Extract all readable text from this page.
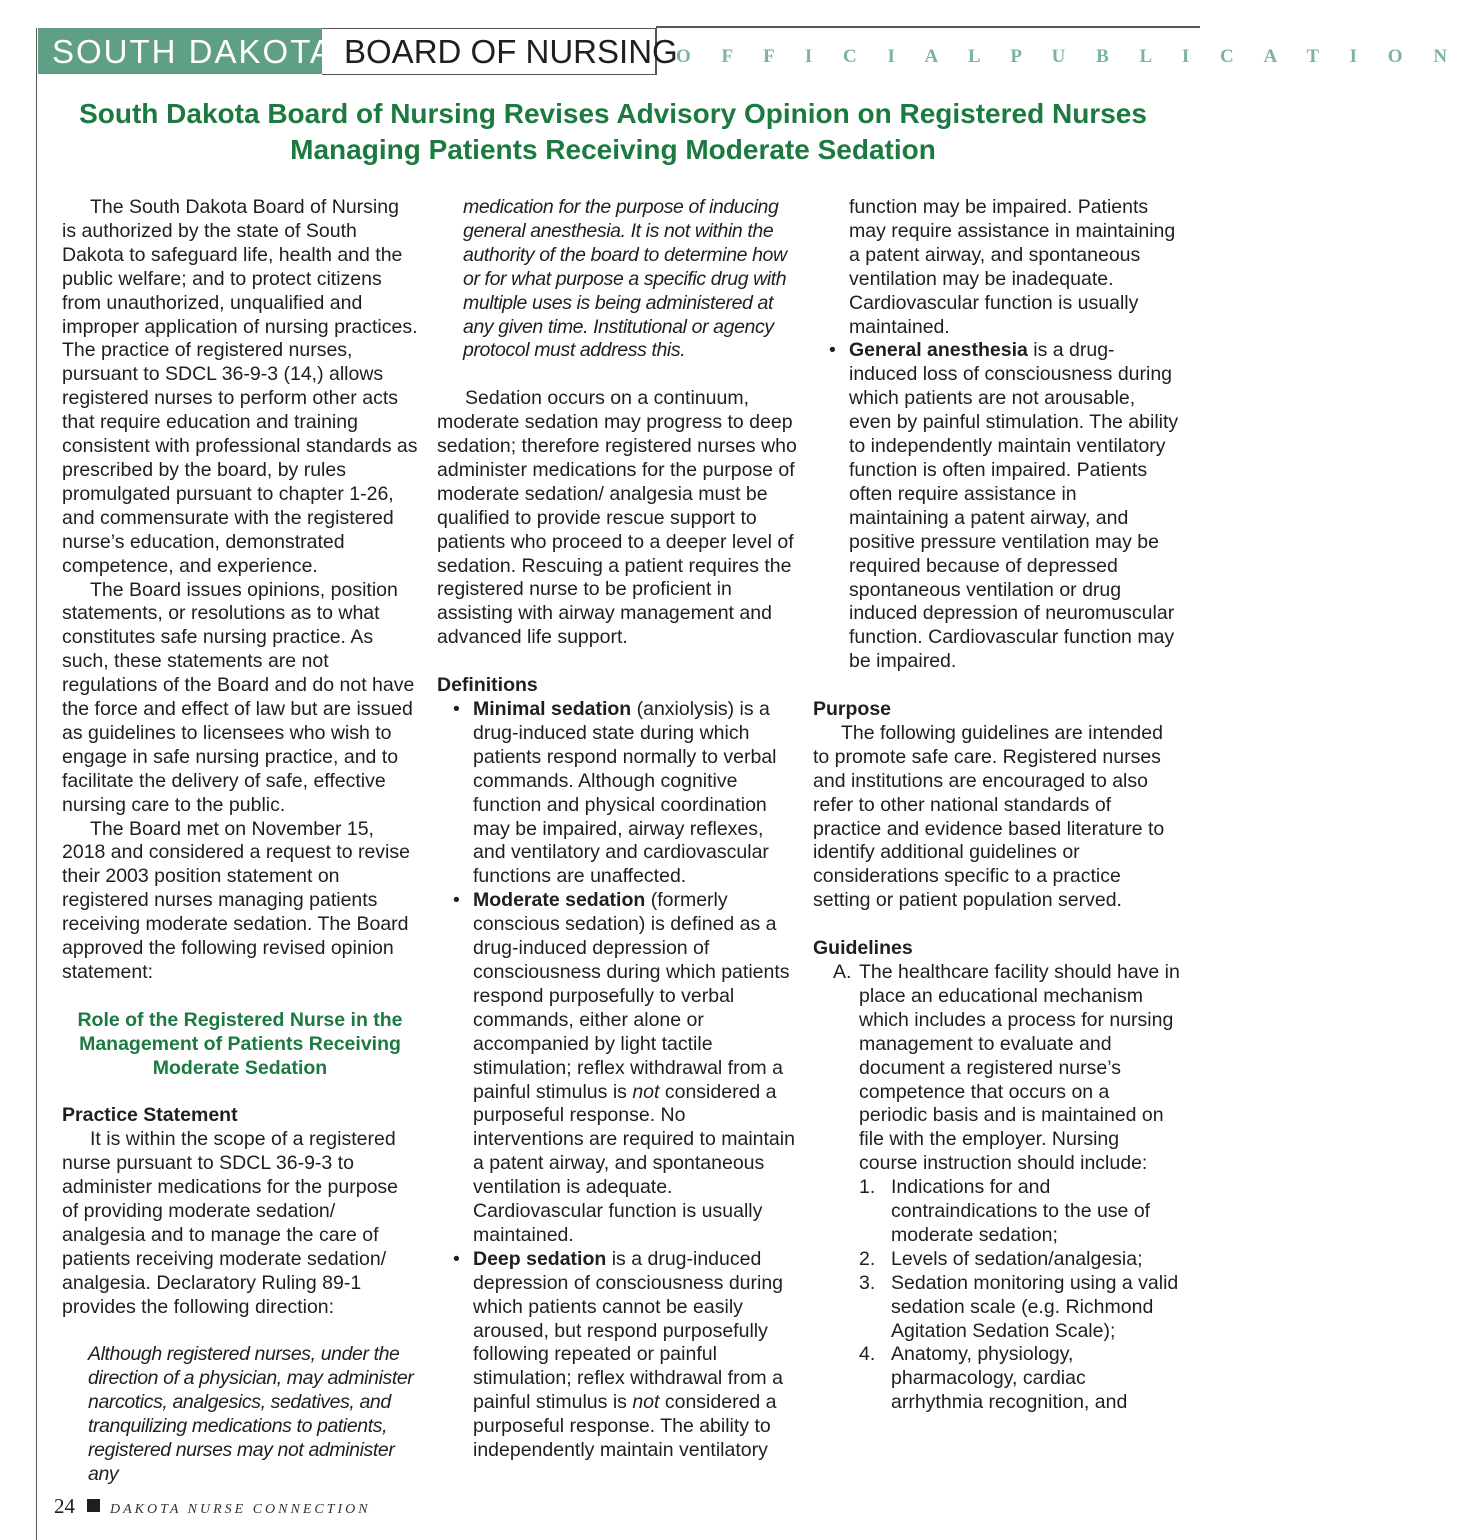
SOUTH DAKOTA BOARD OF NURSING
O F F I C I A L P U B L I C A T I O N
South Dakota Board of Nursing Revises Advisory Opinion on Registered Nurses
Managing Patients Receiving Moderate Sedation

The South Dakota Board of Nursing is authorized by the state of South Dakota to safeguard life, health and the public welfare; and to protect citizens from unauthorized, unqualified and improper application of nursing practices. The practice of registered nurses, pursuant to SDCL 36-9-3 (14,) allows registered nurses to perform other acts that require education and training consistent with professional standards as prescribed by the board, by rules promulgated pursuant to chapter 1-26, and commensurate with the registered nurse’s education, demonstrated competence, and experience.

The Board issues opinions, position statements, or resolutions as to what constitutes safe nursing practice. As such, these statements are not regulations of the Board and do not have the force and effect of law but are issued as guidelines to licensees who wish to engage in safe nursing practice, and to facilitate the delivery of safe, effective nursing care to the public.

The Board met on November 15, 2018 and considered a request to revise their 2003 position statement on registered nurses managing patients receiving moderate sedation. The Board approved the following revised opinion statement:

Role of the Registered Nurse in the Management of Patients Receiving Moderate Sedation

Practice Statement

It is within the scope of a registered nurse pursuant to SDCL 36-9-3 to administer medications for the purpose of providing moderate sedation/ analgesia and to manage the care of patients receiving moderate sedation/ analgesia. Declaratory Ruling 89-1 provides the following direction:

Although registered nurses, under the direction of a physician, may administer narcotics, analgesics, sedatives, and tranquilizing medications to patients, registered nurses may not administer any

medication for the purpose of inducing general anesthesia. It is not within the authority of the board to determine how or for what purpose a specific drug with multiple uses is being administered at any given time. Institutional or agency protocol must address this.

Sedation occurs on a continuum, moderate sedation may progress to deep sedation; therefore registered nurses who administer medications for the purpose of moderate sedation/ analgesia must be qualified to provide rescue support to patients who proceed to a deeper level of sedation. Rescuing a patient requires the registered nurse to be proficient in assisting with airway management and advanced life support.

Definitions

• Minimal sedation (anxiolysis) is a drug-induced state during which patients respond normally to verbal commands. Although cognitive function and physical coordination may be impaired, airway reflexes, and ventilatory and cardiovascular functions are unaffected.
• Moderate sedation (formerly conscious sedation) is defined as a drug-induced depression of consciousness during which patients respond purposefully to verbal commands, either alone or accompanied by light tactile stimulation; reflex withdrawal from a painful stimulus is not considered a purposeful response. No interventions are required to maintain a patent airway, and spontaneous ventilation is adequate. Cardiovascular function is usually maintained.
• Deep sedation is a drug-induced depression of consciousness during which patients cannot be easily aroused, but respond purposefully following repeated or painful stimulation; reflex withdrawal from a painful stimulus is not considered a purposeful response. The ability to independently maintain ventilatory

function may be impaired. Patients may require assistance in maintaining a patent airway, and spontaneous ventilation may be inadequate. Cardiovascular function is usually maintained.

• General anesthesia is a drug-induced loss of consciousness during which patients are not arousable, even by painful stimulation. The ability to independently maintain ventilatory function is often impaired. Patients often require assistance in maintaining a patent airway, and positive pressure ventilation may be required because of depressed spontaneous ventilation or drug induced depression of neuromuscular function. Cardiovascular function may be impaired.

Purpose

The following guidelines are intended to promote safe care. Registered nurses and institutions are encouraged to also refer to other national standards of practice and evidence based literature to identify additional guidelines or considerations specific to a practice setting or patient population served.

Guidelines

A. The healthcare facility should have in place an educational mechanism which includes a process for nursing management to evaluate and document a registered nurse’s competence that occurs on a periodic basis and is maintained on file with the employer. Nursing course instruction should include:

1. Indications for and contraindications to the use of moderate sedation;

2. Levels of sedation/analgesia;

3. Sedation monitoring using a valid sedation scale (e.g. Richmond Agitation Sedation Scale);

4. Anatomy, physiology, pharmacology, cardiac arrhythmia recognition, and

24	DAKOTA NURSE CONNECTION
